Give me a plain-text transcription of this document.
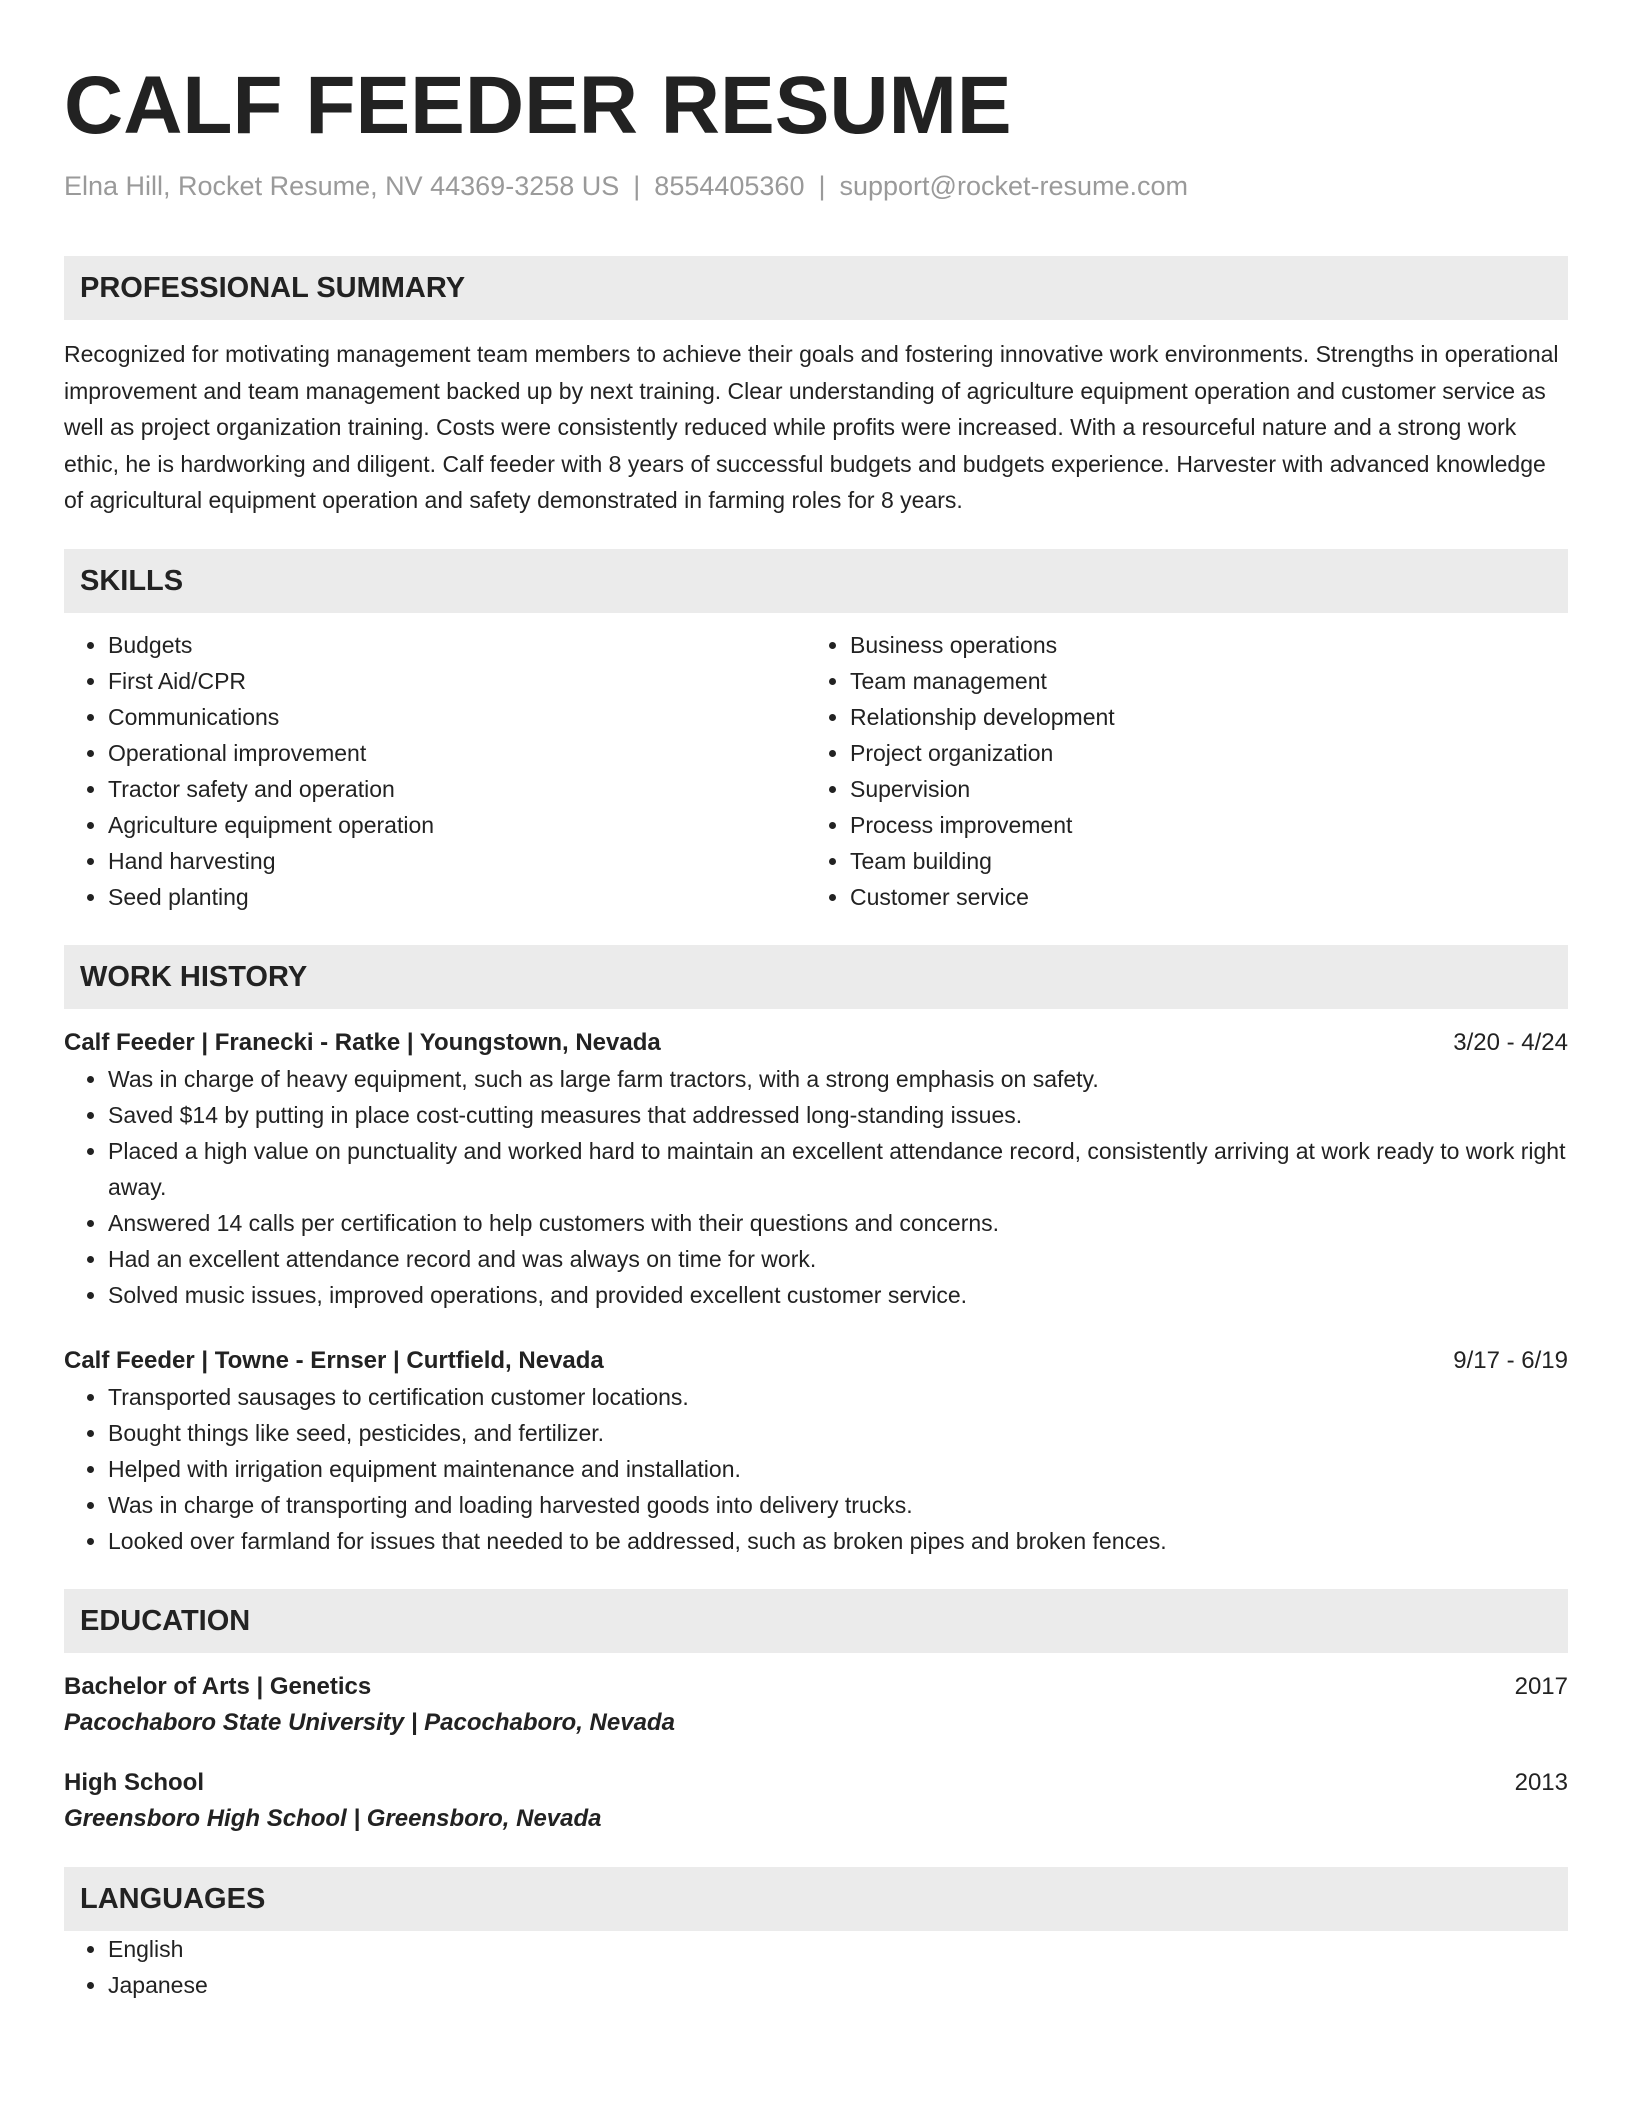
CALF FEEDER RESUME
Elna Hill, Rocket Resume, NV 44369-3258 US | 8554405360 | support@rocket-resume.com
PROFESSIONAL SUMMARY
Recognized for motivating management team members to achieve their goals and fostering innovative work environments. Strengths in operational improvement and team management backed up by next training. Clear understanding of agriculture equipment operation and customer service as well as project organization training. Costs were consistently reduced while profits were increased. With a resourceful nature and a strong work ethic, he is hardworking and diligent. Calf feeder with 8 years of successful budgets and budgets experience. Harvester with advanced knowledge of agricultural equipment operation and safety demonstrated in farming roles for 8 years.
SKILLS
• Budgets
• First Aid/CPR
• Communications
• Operational improvement
• Tractor safety and operation
• Agriculture equipment operation
• Hand harvesting
• Seed planting
• Business operations
• Team management
• Relationship development
• Project organization
• Supervision
• Process improvement
• Team building
• Customer service
WORK HISTORY
Calf Feeder | Franecki - Ratke | Youngstown, Nevada	3/20 - 4/24
• Was in charge of heavy equipment, such as large farm tractors, with a strong emphasis on safety.
• Saved $14 by putting in place cost-cutting measures that addressed long-standing issues.
• Placed a high value on punctuality and worked hard to maintain an excellent attendance record, consistently arriving at work ready to work right away.
• Answered 14 calls per certification to help customers with their questions and concerns.
• Had an excellent attendance record and was always on time for work.
• Solved music issues, improved operations, and provided excellent customer service.
Calf Feeder | Towne - Ernser | Curtfield, Nevada	9/17 - 6/19
• Transported sausages to certification customer locations.
• Bought things like seed, pesticides, and fertilizer.
• Helped with irrigation equipment maintenance and installation.
• Was in charge of transporting and loading harvested goods into delivery trucks.
• Looked over farmland for issues that needed to be addressed, such as broken pipes and broken fences.
EDUCATION
Bachelor of Arts | Genetics	2017
Pacochaboro State University | Pacochaboro, Nevada
High School	2013
Greensboro High School | Greensboro, Nevada
LANGUAGES
• English
• Japanese
